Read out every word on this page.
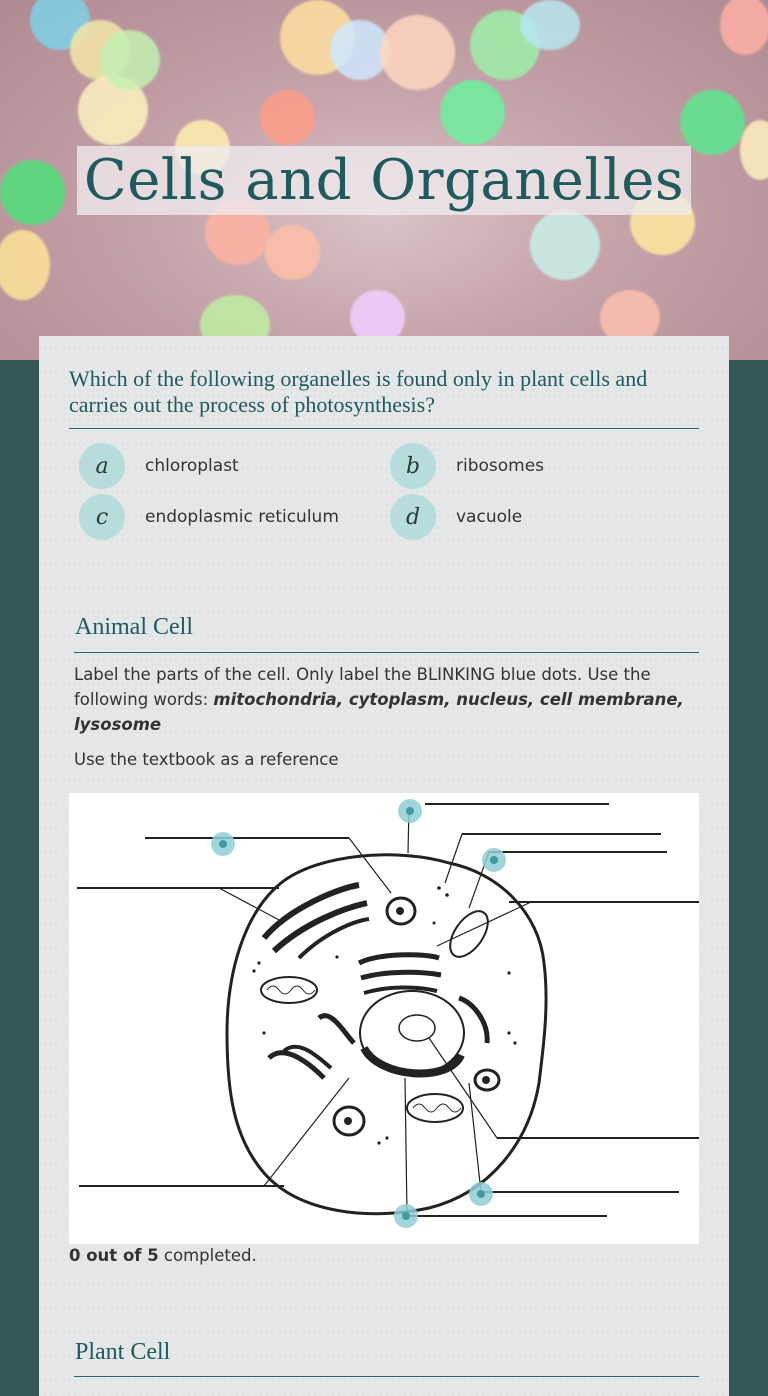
Cells and Organelles
Which of the following organelles is found only in plant cells and carries out the process of photosynthesis?
a	chloroplast	b	ribosomes
c	endoplasmic reticulum	d	vacuole
Animal Cell
Label the parts of the cell. Only label the BLINKING blue dots. Use the following words: mitochondria, cytoplasm, nucleus, cell membrane, lysosome
Use the textbook as a reference
0 out of 5 completed.
Plant Cell
